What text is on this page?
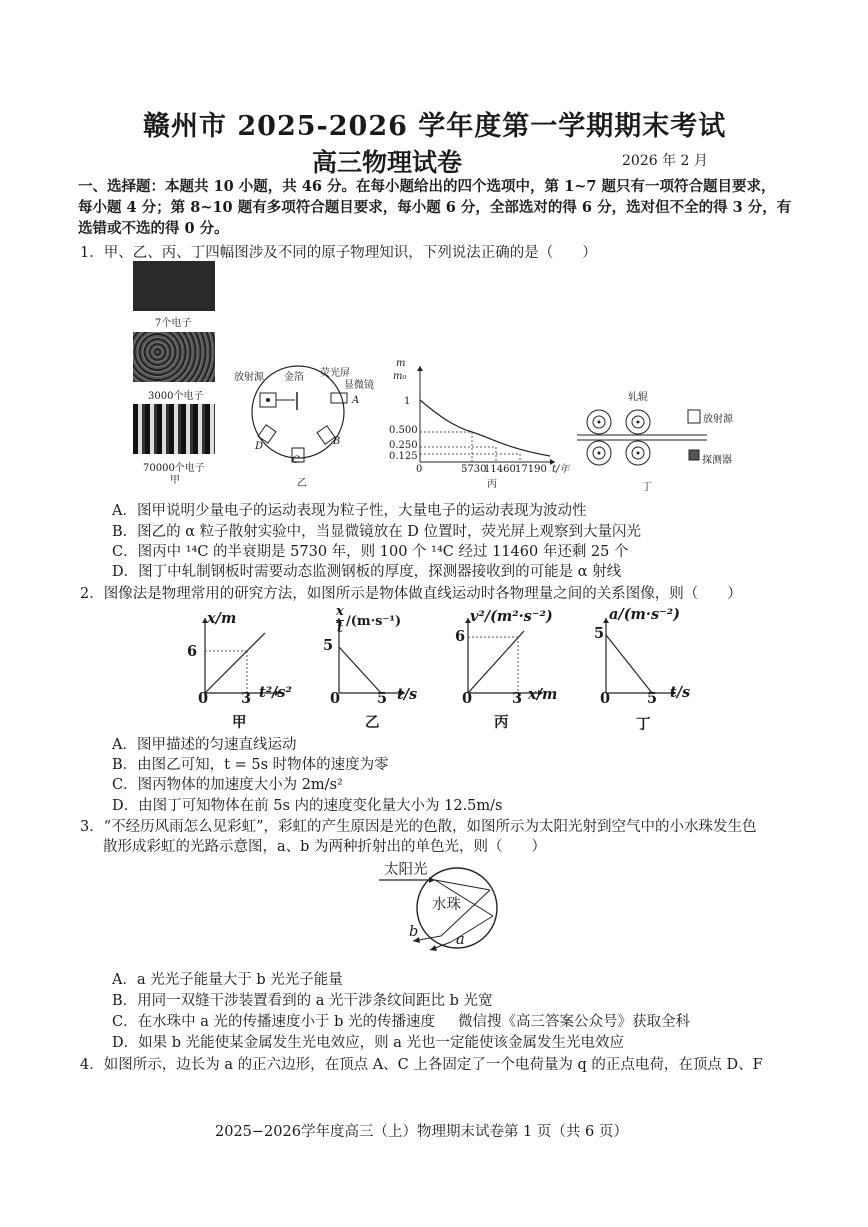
赣州市 2025-2026 学年度第一学期期末考试
高三物理试卷	2026 年 2 月
一、选择题：本题共 10 小题，共 46 分。在每小题给出的四个选项中，第 1~7 题只有一项符合题目要求，
每小题 4 分；第 8~10 题有多项符合题目要求，每小题 6 分，全部选对的得 6 分，选对但不全的得 3 分，有
选错或不选的得 0 分。
1．甲、乙、丙、丁四幅图涉及不同的原子物理知识，下列说法正确的是（　　）
7个电子
3000个电子
70000个电子
甲
放射源 金箔 荧光屏
显微镜
A
B
C
D
乙
m
m₀
1
0.500
0.250
0.125
0	5730
11460 17190 t/年
丙
轧辊
放射源
探测器
丁
A．图甲说明少量电子的运动表现为粒子性，大量电子的运动表现为波动性
B．图乙的 α 粒子散射实验中，当显微镜放在 D 位置时，荧光屏上观察到大量闪光
C．图丙中 ¹⁴C 的半衰期是 5730 年，则 100 个 ¹⁴C 经过 11460 年还剩 25 个
D．图丁中轧制钢板时需要动态监测钢板的厚度，探测器接收到的可能是 α 射线
2．图像法是物理常用的研究方法，如图所示是物体做直线运动时各物理量之间的关系图像，则（　　）
x/m
6
0 3 t²/s²
甲
x
t /(m·s⁻¹)
5
0	5 t/s
乙
v²/(m²·s⁻²)
6
0	3 x/m
丙
a/(m·s⁻²)
5
0	5 t/s
丁
A．图甲描述的匀速直线运动
B．由图乙可知，t = 5s 时物体的速度为零
C．图丙物体的加速度大小为 2m/s²
D．由图丁可知物体在前 5s 内的速度变化量大小为 12.5m/s
3．“不经历风雨怎么见彩虹”，彩虹的产生原因是光的色散，如图所示为太阳光射到空气中的小水珠发生色
散形成彩虹的光路示意图，a、b 为两种折射出的单色光，则（　　）
太阳光
水珠
b	a
A．a 光光子能量大于 b 光光子能量
B．用同一双缝干涉装置看到的 a 光干涉条纹间距比 b 光宽
C．在水珠中 a 光的传播速度小于 b 光的传播速度 微信搜《高三答案公众号》获取全科
D．如果 b 光能使某金属发生光电效应，则 a 光也一定能使该金属发生光电效应
4．如图所示，边长为 a 的正六边形，在顶点 A、C 上各固定了一个电荷量为 q 的正点电荷，在顶点 D、F
2025−2026学年度高三（上）物理期末试卷第 1 页（共 6 页）
